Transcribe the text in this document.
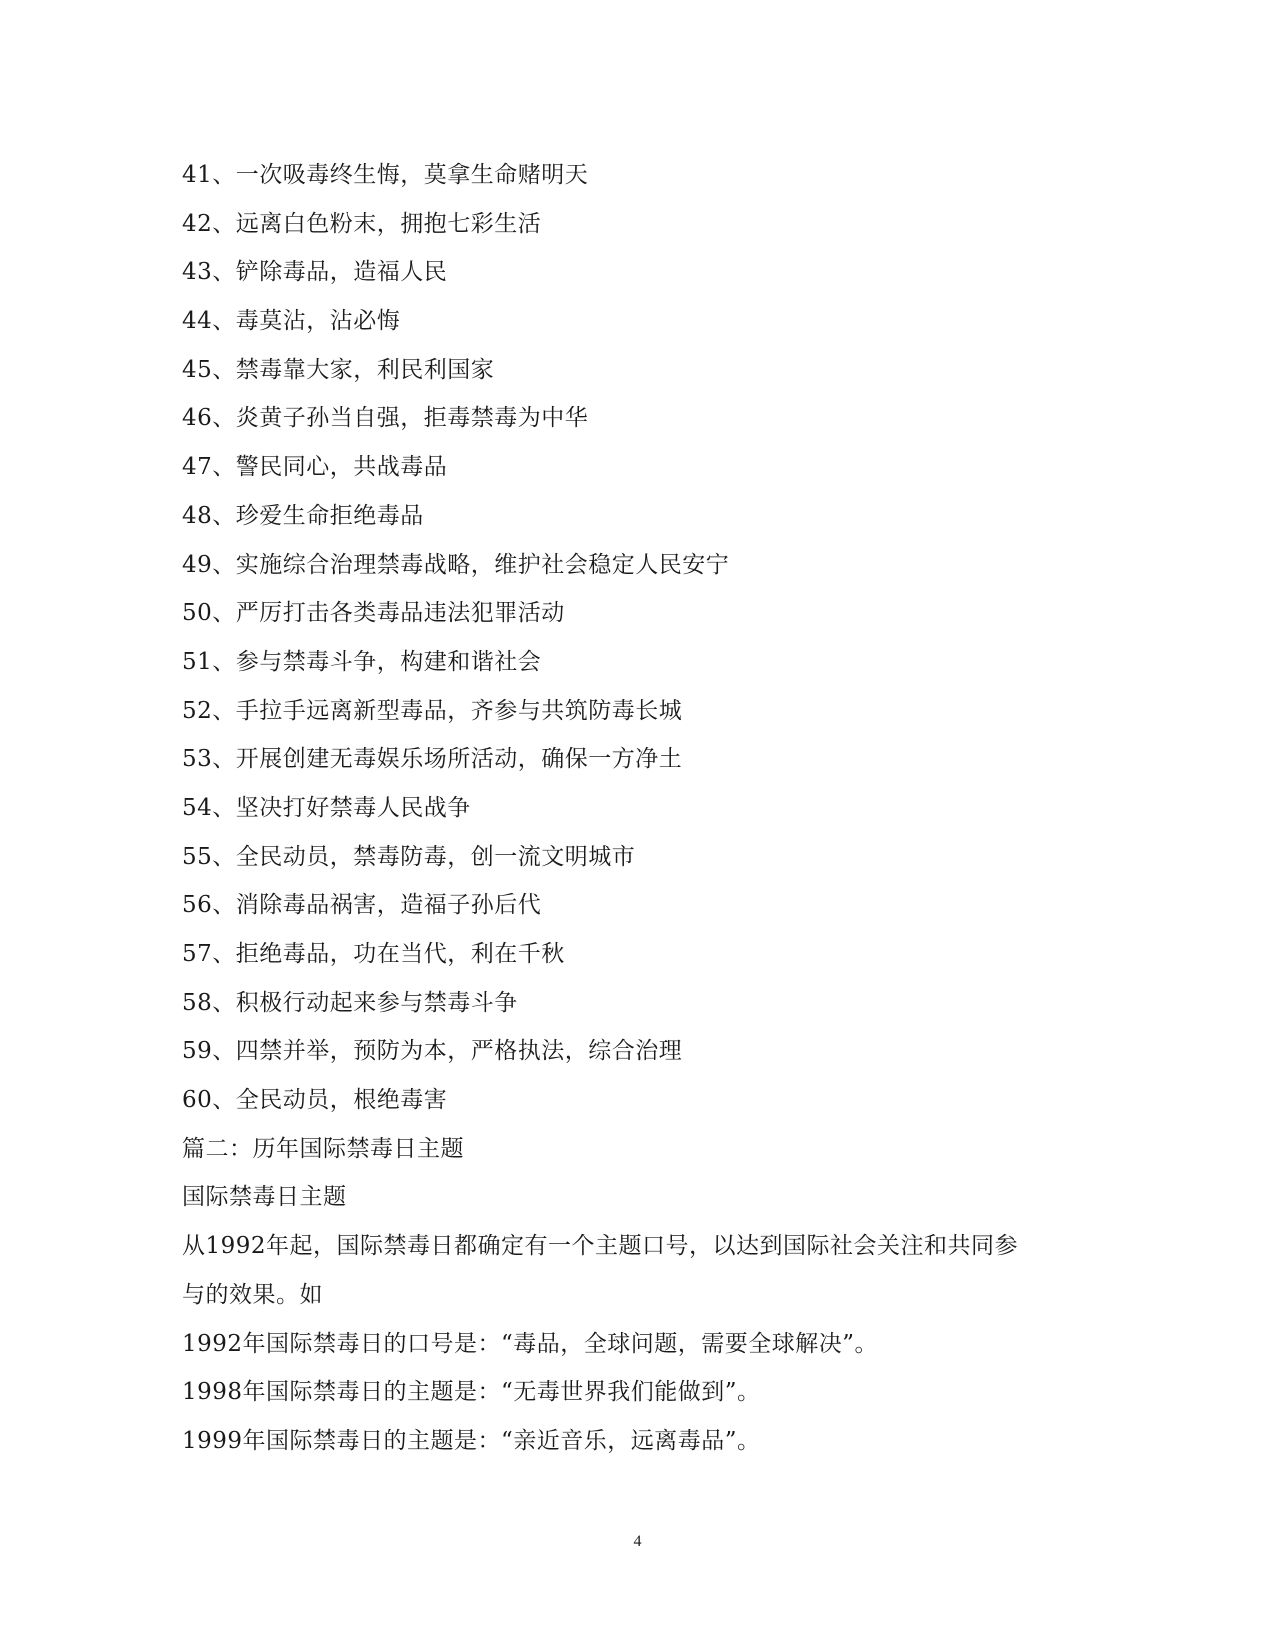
41、一次吸毒终生悔，莫拿生命赌明天
42、远离白色粉末，拥抱七彩生活
43、铲除毒品，造福人民
44、毒莫沾，沾必悔
45、禁毒靠大家，利民利国家
46、炎黄子孙当自强，拒毒禁毒为中华
47、警民同心，共战毒品
48、珍爱生命拒绝毒品
49、实施综合治理禁毒战略，维护社会稳定人民安宁
50、严厉打击各类毒品违法犯罪活动
51、参与禁毒斗争，构建和谐社会
52、手拉手远离新型毒品，齐参与共筑防毒长城
53、开展创建无毒娱乐场所活动，确保一方净土
54、坚决打好禁毒人民战争
55、全民动员，禁毒防毒，创一流文明城市
56、消除毒品祸害，造福子孙后代
57、拒绝毒品，功在当代，利在千秋
58、积极行动起来参与禁毒斗争
59、四禁并举，预防为本，严格执法，综合治理
60、全民动员，根绝毒害
篇二：历年国际禁毒日主题
国际禁毒日主题
从1992年起，国际禁毒日都确定有一个主题口号，以达到国际社会关注和共同参
与的效果。如
1992年国际禁毒日的口号是：“毒品，全球问题，需要全球解决”。
1998年国际禁毒日的主题是：“无毒世界我们能做到”。
1999年国际禁毒日的主题是：“亲近音乐，远离毒品”。
4
